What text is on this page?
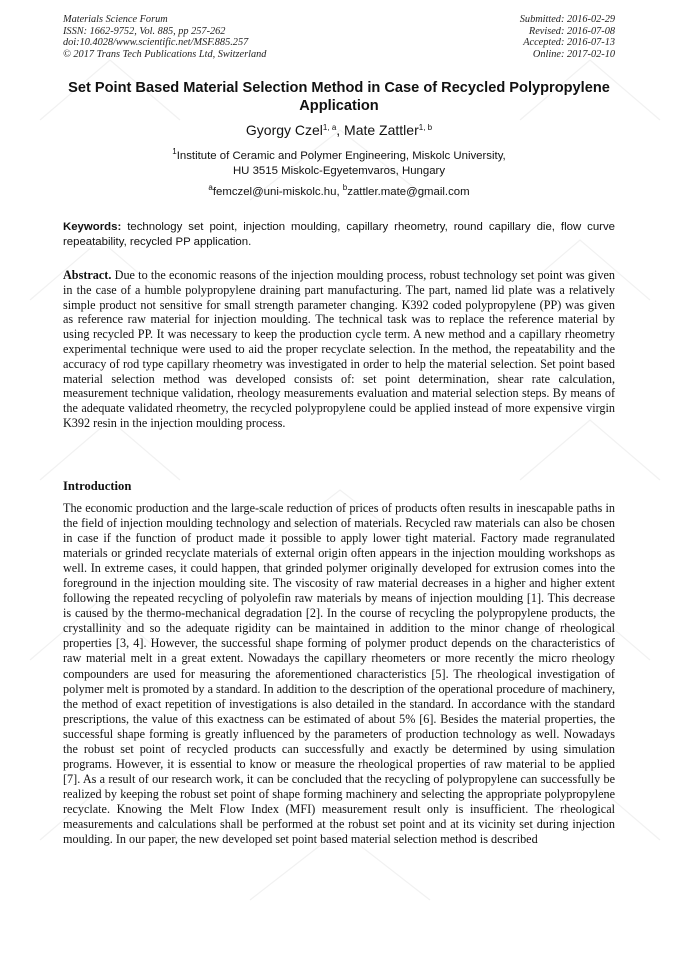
Materials Science Forum
ISSN: 1662-9752, Vol. 885, pp 257-262
doi:10.4028/www.scientific.net/MSF.885.257
© 2017 Trans Tech Publications Ltd, Switzerland
Submitted: 2016-02-29
Revised: 2016-07-08
Accepted: 2016-07-13
Online: 2017-02-10
Set Point Based Material Selection Method in Case of Recycled Polypropylene Application
Gyorgy Czel$^{1, a}$, Mate Zattler$^{1, b}$
$^1$Institute of Ceramic and Polymer Engineering, Miskolc University,
HU 3515 Miskolc-Egyetemvaros, Hungary
$^a$femczel@uni-miskolc.hu, $^b$zattler.mate@gmail.com
Keywords: technology set point, injection moulding, capillary rheometry, round capillary die, flow curve repeatability, recycled PP application.
Abstract. Due to the economic reasons of the injection moulding process, robust technology set point was given in the case of a humble polypropylene draining part manufacturing. The part, named lid plate was a relatively simple product not sensitive for small strength parameter changing. K392 coded polypropylene (PP) was given as reference raw material for injection moulding. The technical task was to replace the reference material by using recycled PP. It was necessary to keep the production cycle term. A new method and a capillary rheometry experimental technique were used to aid the proper recyclate selection. In the method, the repeatability and the accuracy of rod type capillary rheometry was investigated in order to help the material selection. Set point based material selection method was developed consists of: set point determination, shear rate calculation, measurement technique validation, rheology measurements evaluation and material selection steps. By means of the adequate validated rheometry, the recycled polypropylene could be applied instead of more expensive virgin K392 resin in the injection moulding process.
Introduction
The economic production and the large-scale reduction of prices of products often results in inescapable paths in the field of injection moulding technology and selection of materials. Recycled raw materials can also be chosen in case if the function of product made it possible to apply lower tight material. Factory made regranulated materials or grinded recyclate materials of external origin often appears in the injection moulding workshops as well. In extreme cases, it could happen, that grinded polymer originally developed for extrusion comes into the foreground in the injection moulding site. The viscosity of raw material decreases in a higher and higher extent following the repeated recycling of polyolefin raw materials by means of injection moulding [1]. This decrease is caused by the thermo-mechanical degradation [2]. In the course of recycling the polypropylene products, the crystallinity and so the adequate rigidity can be maintained in addition to the minor change of rheological properties [3, 4]. However, the successful shape forming of polymer product depends on the characteristics of raw material melt in a great extent. Nowadays the capillary rheometers or more recently the micro rheology compounders are used for measuring the aforementioned characteristics [5]. The rheological investigation of polymer melt is promoted by a standard. In addition to the description of the operational procedure of machinery, the method of exact repetition of investigations is also detailed in the standard. In accordance with the standard prescriptions, the value of this exactness can be estimated of about 5% [6]. Besides the material properties, the successful shape forming is greatly influenced by the parameters of production technology as well. Nowadays the robust set point of recycled products can successfully and exactly be determined by using simulation programs. However, it is essential to know or measure the rheological properties of raw material to be applied [7]. As a result of our research work, it can be concluded that the recycling of polypropylene can successfully be realized by keeping the robust set point of shape forming machinery and selecting the appropriate polypropylene recyclate. Knowing the Melt Flow Index (MFI) measurement result only is insufficient. The rheological measurements and calculations shall be performed at the robust set point and at its vicinity set during injection moulding. In our paper, the new developed set point based material selection method is described
